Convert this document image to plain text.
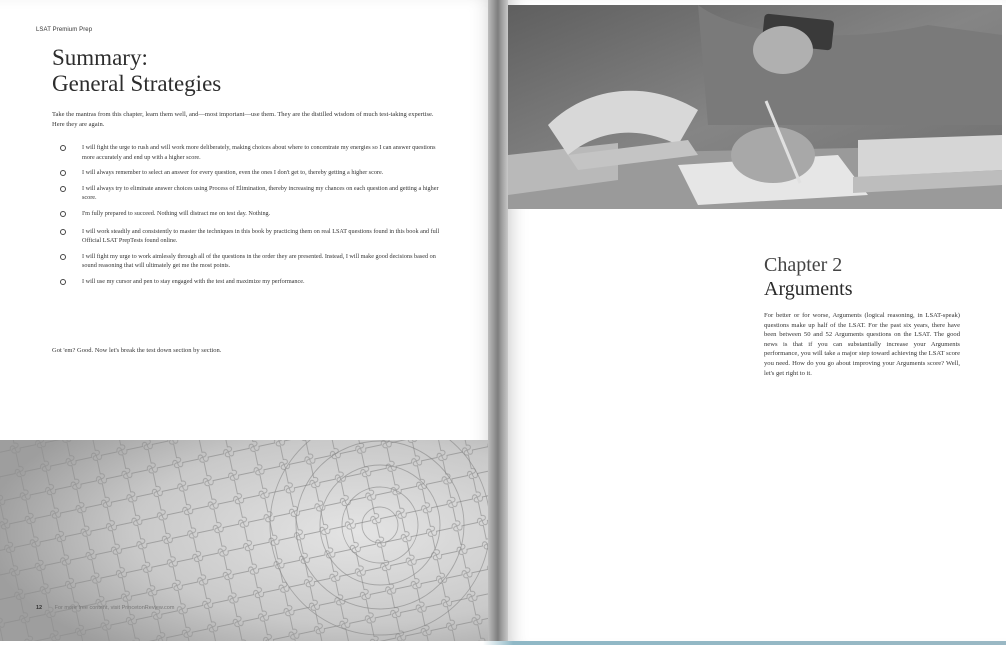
LSAT Premium Prep
Summary:
General Strategies

Take the mantras from this chapter, learn them well, and—most important—use them. They are the distilled wisdom of much test-taking expertise. Here they are again.

I will fight the urge to rush and will work more deliberately, making choices about where to concentrate my energies so I can answer questions more accurately and end up with a higher score.
I will always remember to select an answer for every question, even the ones I don't get to, thereby getting a higher score.
I will always try to eliminate answer choices using Process of Elimination, thereby increasing my chances on each question and getting a higher score.
I'm fully prepared to succeed. Nothing will distract me on test day. Nothing.
I will work steadily and consistently to master the techniques in this book by practicing them on real LSAT questions found in this book and full Official LSAT PrepTests found online.
I will fight my urge to work aimlessly through all of the questions in the order they are presented. Instead, I will make good decisions based on sound reasoning that will ultimately get me the most points.
I will use my cursor and pen to stay engaged with the test and maximize my performance.

Got 'em? Good. Now let's break the test down section by section.

12 | For more free content, visit PrincetonReview.com
Chapter 2
Arguments

For better or for worse, Arguments (logical reasoning, in LSAT-speak) questions make up half of the LSAT. For the past six years, there have been between 50 and 52 Arguments questions on the LSAT. The good news is that if you can substantially increase your Arguments performance, you will take a major step toward achieving the LSAT score you need. How do you go about improving your Arguments score? Well, let's get right to it.
